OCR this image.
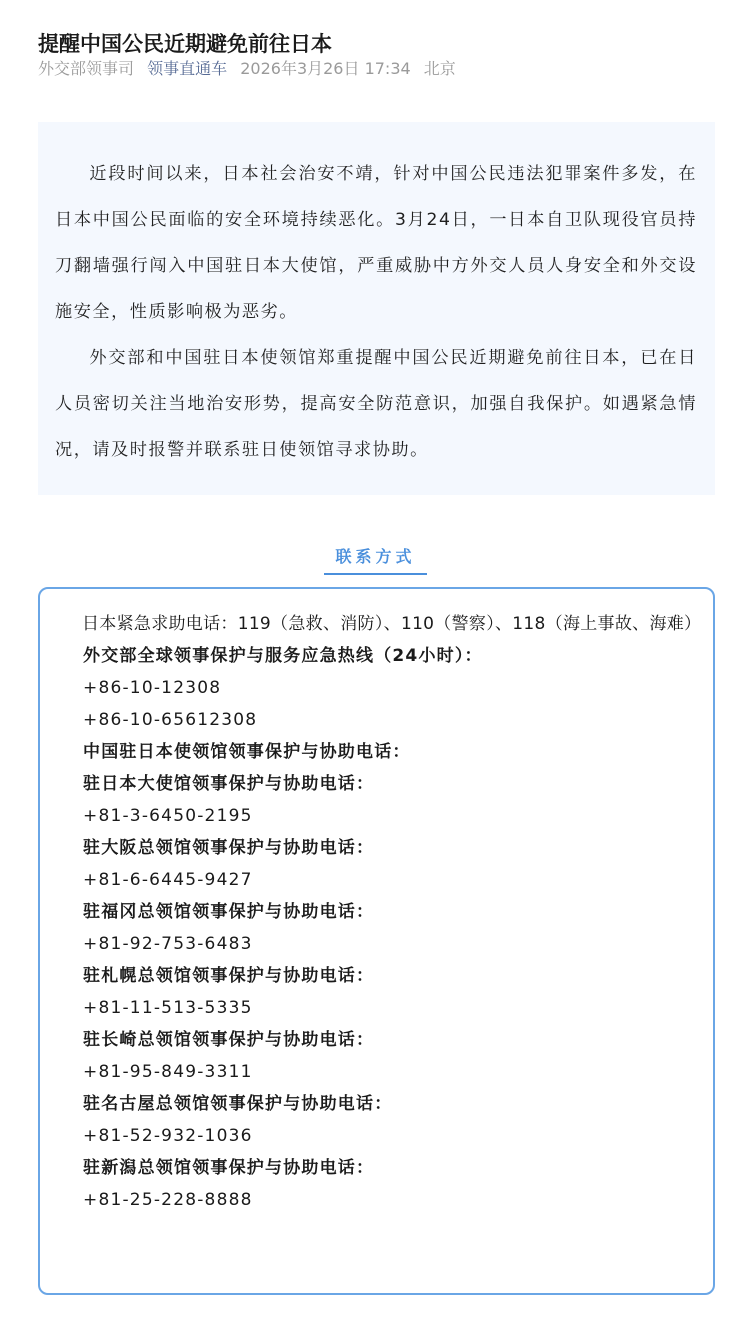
提醒中国公民近期避免前往日本
外交部领事司 领事直通车 2026年3月26日 17:34 北京

近段时间以来，日本社会治安不靖，针对中国公民违法犯罪案件多发，在日本中国公民面临的安全环境持续恶化。3月24日，一日本自卫队现役官员持刀翻墙强行闯入中国驻日本大使馆，严重威胁中方外交人员人身安全和外交设施安全，性质影响极为恶劣。

外交部和中国驻日本使领馆郑重提醒中国公民近期避免前往日本，已在日人员密切关注当地治安形势，提高安全防范意识，加强自我保护。如遇紧急情况，请及时报警并联系驻日使领馆寻求协助。

联系方式

日本紧急求助电话：119（急救、消防）、110（警察）、118（海上事故、海难）

外交部全球领事保护与服务应急热线（24小时）：

+86-10-12308

+86-10-65612308

中国驻日本使领馆领事保护与协助电话：

驻日本大使馆领事保护与协助电话：

+81-3-6450-2195

驻大阪总领馆领事保护与协助电话：

+81-6-6445-9427

驻福冈总领馆领事保护与协助电话：

+81-92-753-6483

驻札幌总领馆领事保护与协助电话：

+81-11-513-5335

驻长崎总领馆领事保护与协助电话：

+81-95-849-3311

驻名古屋总领馆领事保护与协助电话：

+81-52-932-1036

驻新潟总领馆领事保护与协助电话：

+81-25-228-8888
